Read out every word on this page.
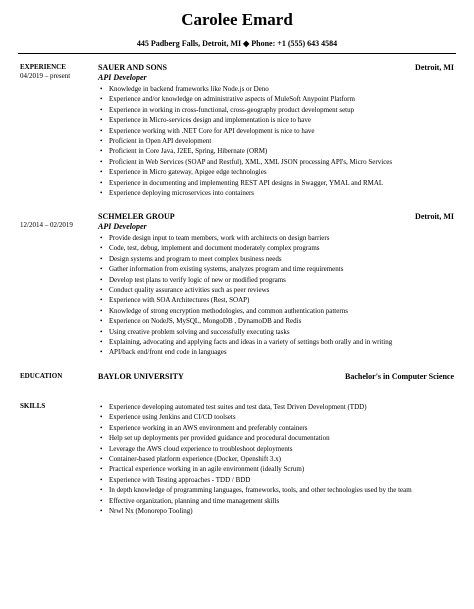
Carolee Emard
445 Padberg Falls, Detroit, MI ◆ Phone: +1 (555) 643 4584
EXPERIENCE
04/2019 – present
SAUER AND SONS	Detroit, MI
API Developer
• Knowledge in backend frameworks like Node.js or Deno
• Experience and/or knowledge on administrative aspects of MuleSoft Anypoint Platform
• Experience in working in cross-functional, cross-geography product development setup
• Experience in Micro-services design and implementation is nice to have
• Experience working with .NET Core for API development is nice to have
• Proficient in Open API development
• Proficient in Core Java, J2EE, Spring, Hibernate (ORM)
• Proficient in Web Services (SOAP and Restful), XML, XML JSON processing API's, Micro Services
• Experience in Micro gateway, Apigee edge technologies
• Experience in documenting and implementing REST API designs in Swagger, YMAL and RMAL
• Experience deploying microservices into containers
12/2014 – 02/2019
SCHMELER GROUP	Detroit, MI
API Developer
• Provide design input to team members, work with architects on design barriers
• Code, test, debug, implement and document moderately complex programs
• Design systems and program to meet complex business needs
• Gather information from existing systems, analyzes program and time requirements
• Develop test plans to verify logic of new or modified programs
• Conduct quality assurance activities such as peer reviews
• Experience with SOA Architectures (Rest, SOAP)
• Knowledge of strong encryption methodologies, and common authentication patterns
• Experience on NodeJS, MySQL, MongoDB , DynamoDB and Redis
• Using creative problem solving and successfully executing tasks
• Explaining, advocating and applying facts and ideas in a variety of settings both orally and in writing
• API/back end/front end code in languages
EDUCATION	BAYLOR UNIVERSITY	Bachelor's in Computer Science
SKILLS
•	Experience developing automated test suites and test data, Test Driven Development (TDD)
• Experience using Jenkins and CI/CD toolsets
• Experience working in an AWS environment and preferably containers
• Help set up deployments per provided guidance and procedural documentation
• Leverage the AWS cloud experience to troubleshoot deployments
• Container-based platform experience (Docker, Openshift 3.x)
• Practical experience working in an agile environment (ideally Scrum)
• Experience with Testing approaches - TDD / BDD
• In depth knowledge of programming languages, frameworks, tools, and other technologies used by the team
• Effective organization, planning and time management skills
• Nrwl Nx (Monorepo Tooling)
